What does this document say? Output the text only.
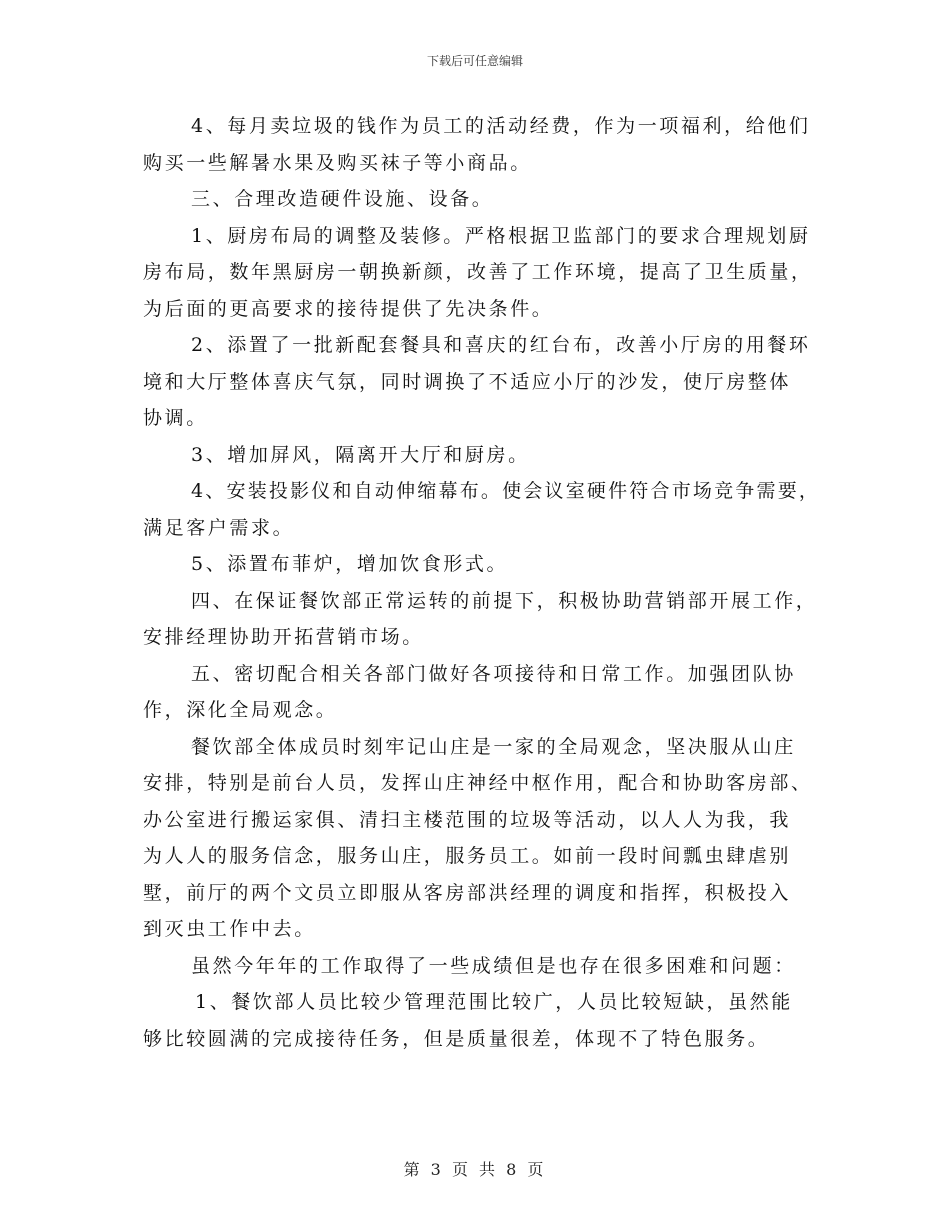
下载后可任意编辑

4、每月卖垃圾的钱作为员工的活动经费，作为一项福利，给他们

购买一些解暑水果及购买袜子等小商品。

三、合理改造硬件设施、设备。

1、厨房布局的调整及装修。严格根据卫监部门的要求合理规划厨

房布局，数年黑厨房一朝换新颜，改善了工作环境，提高了卫生质量，

为后面的更高要求的接待提供了先决条件。

2、添置了一批新配套餐具和喜庆的红台布，改善小厅房的用餐环

境和大厅整体喜庆气氛，同时调换了不适应小厅的沙发，使厅房整体

协调。

3、增加屏风，隔离开大厅和厨房。

4、安装投影仪和自动伸缩幕布。使会议室硬件符合市场竞争需要，

满足客户需求。

5、添置布菲炉，增加饮食形式。

四、在保证餐饮部正常运转的前提下，积极协助营销部开展工作，

安排经理协助开拓营销市场。

五、密切配合相关各部门做好各项接待和日常工作。加强团队协

作，深化全局观念。

餐饮部全体成员时刻牢记山庄是一家的全局观念，坚决服从山庄

安排，特别是前台人员，发挥山庄神经中枢作用，配合和协助客房部、

办公室进行搬运家俱、清扫主楼范围的垃圾等活动，以人人为我，我

为人人的服务信念，服务山庄，服务员工。如前一段时间瓢虫肆虐别

墅，前厅的两个文员立即服从客房部洪经理的调度和指挥，积极投入

到灭虫工作中去。

虽然今年年的工作取得了一些成绩但是也存在很多困难和问题：

1、餐饮部人员比较少管理范围比较广，人员比较短缺，虽然能

够比较圆满的完成接待任务，但是质量很差，体现不了特色服务。

第 3 页 共 8 页
